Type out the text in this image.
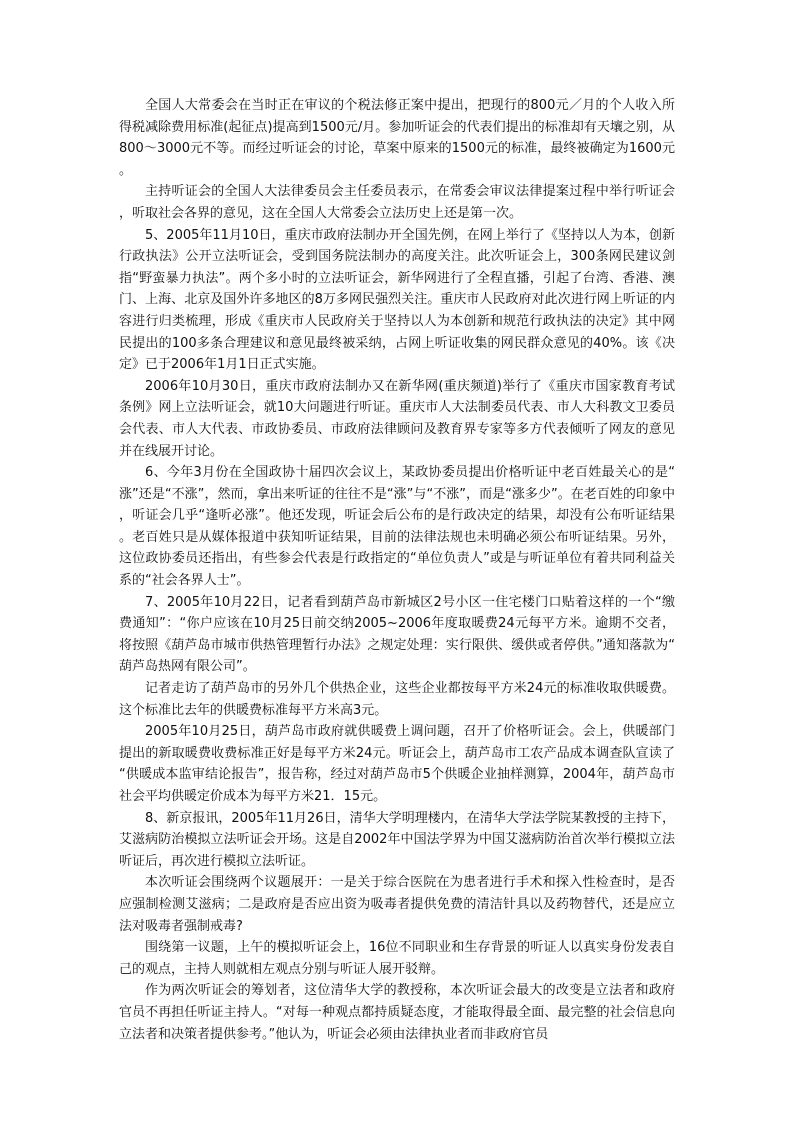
全国人大常委会在当时正在审议的个税法修正案中提出，把现行的800元／月的个人收入所得税减除费用标准(起征点)提高到1500元/月。参加听证会的代表们提出的标准却有天壤之别，从800～3000元不等。而经过听证会的讨论，草案中原来的1500元的标准，最终被确定为1600元。

主持听证会的全国人大法律委员会主任委员表示，在常委会审议法律提案过程中举行听证会，听取社会各界的意见，这在全国人大常委会立法历史上还是第一次。

5、2005年11月10日，重庆市政府法制办开全国先例，在网上举行了《坚持以人为本，创新行政执法》公开立法听证会，受到国务院法制办的高度关注。此次听证会上，300条网民建议剑指“野蛮暴力执法”。两个多小时的立法听证会，新华网进行了全程直播，引起了台湾、香港、澳门、上海、北京及国外许多地区的8万多网民强烈关注。重庆市人民政府对此次进行网上听证的内容进行归类梳理，形成《重庆市人民政府关于坚持以人为本创新和规范行政执法的决定》其中网民提出的100多条合理建议和意见最终被采纳，占网上听证收集的网民群众意见的40%。该《决定》已于2006年1月1日正式实施。

2006年10月30日，重庆市政府法制办又在新华网(重庆频道)举行了《重庆市国家教育考试条例》网上立法听证会，就10大问题进行听证。重庆市人大法制委员代表、市人大科教文卫委员会代表、市人大代表、市政协委员、市政府法律顾问及教育界专家等多方代表倾听了网友的意见并在线展开讨论。

6、今年3月份在全国政协十届四次会议上，某政协委员提出价格听证中老百姓最关心的是“涨”还是“不涨”，然而，拿出来听证的往往不是“涨”与“不涨”，而是“涨多少”。在老百姓的印象中，听证会几乎“逢听必涨”。他还发现，听证会后公布的是行政决定的结果，却没有公布听证结果。老百姓只是从媒体报道中获知听证结果，目前的法律法规也未明确必须公布听证结果。另外，这位政协委员还指出，有些参会代表是行政指定的“单位负责人”或是与听证单位有着共同利益关系的“社会各界人士”。

7、2005年10月22日，记者看到葫芦岛市新城区2号小区一住宅楼门口贴着这样的一个“缴费通知”：“你户应该在10月25日前交纳2005~2006年度取暖费24元每平方米。逾期不交者，将按照《葫芦岛市城市供热管理暂行办法》之规定处理：实行限供、缓供或者停供。”通知落款为“葫芦岛热网有限公司”。

记者走访了葫芦岛市的另外几个供热企业，这些企业都按每平方米24元的标准收取供暖费。这个标准比去年的供暖费标准每平方米高3元。

2005年10月25日，葫芦岛市政府就供暖费上调问题，召开了价格听证会。会上，供暖部门提出的新取暖费收费标准正好是每平方米24元。听证会上，葫芦岛市工农产品成本调查队宣读了“供暖成本监审结论报告”，报告称，经过对葫芦岛市5个供暖企业抽样测算，2004年，葫芦岛市社会平均供暖定价成本为每平方米21．15元。

8、新京报讯，2005年11月26日，清华大学明理楼内，在清华大学法学院某教授的主持下，艾滋病防治模拟立法听证会开场。这是自2002年中国法学界为中国艾滋病防治首次举行模拟立法听证后，再次进行模拟立法听证。

本次听证会围绕两个议题展开：一是关于综合医院在为患者进行手术和探入性检查时，是否应强制检测艾滋病；二是政府是否应出资为吸毒者提供免费的清洁针具以及药物替代，还是应立法对吸毒者强制戒毒?

围绕第一议题，上午的模拟听证会上，16位不同职业和生存背景的听证人以真实身份发表自己的观点，主持人则就相左观点分别与听证人展开驳辩。

作为两次听证会的筹划者，这位清华大学的教授称，本次听证会最大的改变是立法者和政府官员不再担任听证主持人。“对每一种观点都持质疑态度，才能取得最全面、最完整的社会信息向立法者和决策者提供参考。”他认为，听证会必须由法律执业者而非政府官员
